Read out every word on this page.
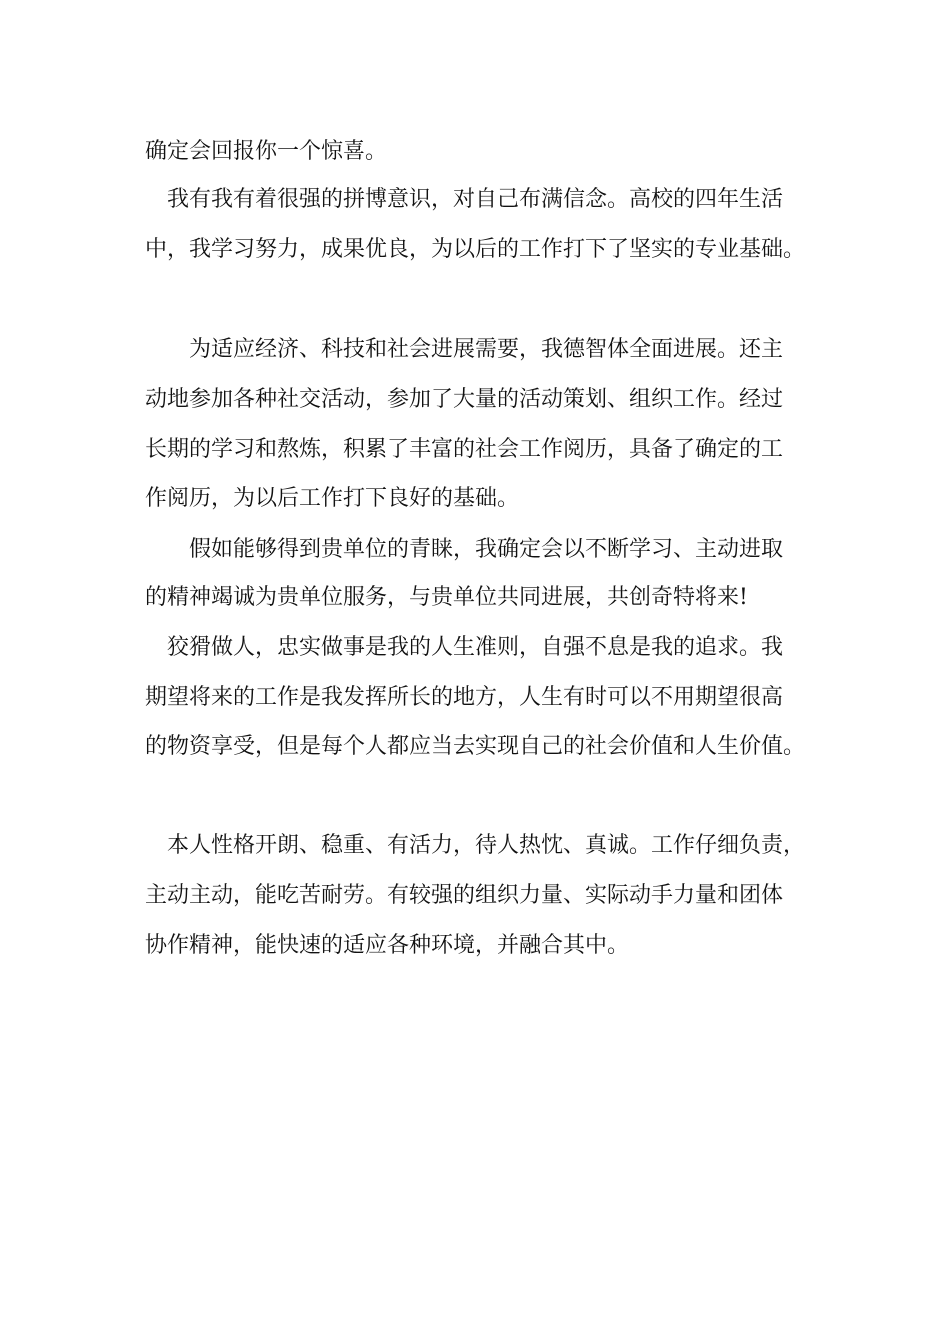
确定会回报你一个惊喜。
我有我有着很强的拼博意识，对自己布满信念。高校的四年生活
中，我学习努力，成果优良，为以后的工作打下了坚实的专业基础。
为适应经济、科技和社会进展需要，我德智体全面进展。还主
动地参加各种社交活动，参加了大量的活动策划、组织工作。经过
长期的学习和熬炼，积累了丰富的社会工作阅历，具备了确定的工
作阅历，为以后工作打下良好的基础。
假如能够得到贵单位的青睐，我确定会以不断学习、主动进取
的精神竭诚为贵单位服务，与贵单位共同进展，共创奇特将来!
狡猾做人，忠实做事是我的人生准则，自强不息是我的追求。我
期望将来的工作是我发挥所长的地方，人生有时可以不用期望很高
的物资享受，但是每个人都应当去实现自己的社会价值和人生价值。
本人性格开朗、稳重、有活力，待人热忱、真诚。工作仔细负责，
主动主动，能吃苦耐劳。有较强的组织力量、实际动手力量和团体
协作精神，能快速的适应各种环境，并融合其中。
